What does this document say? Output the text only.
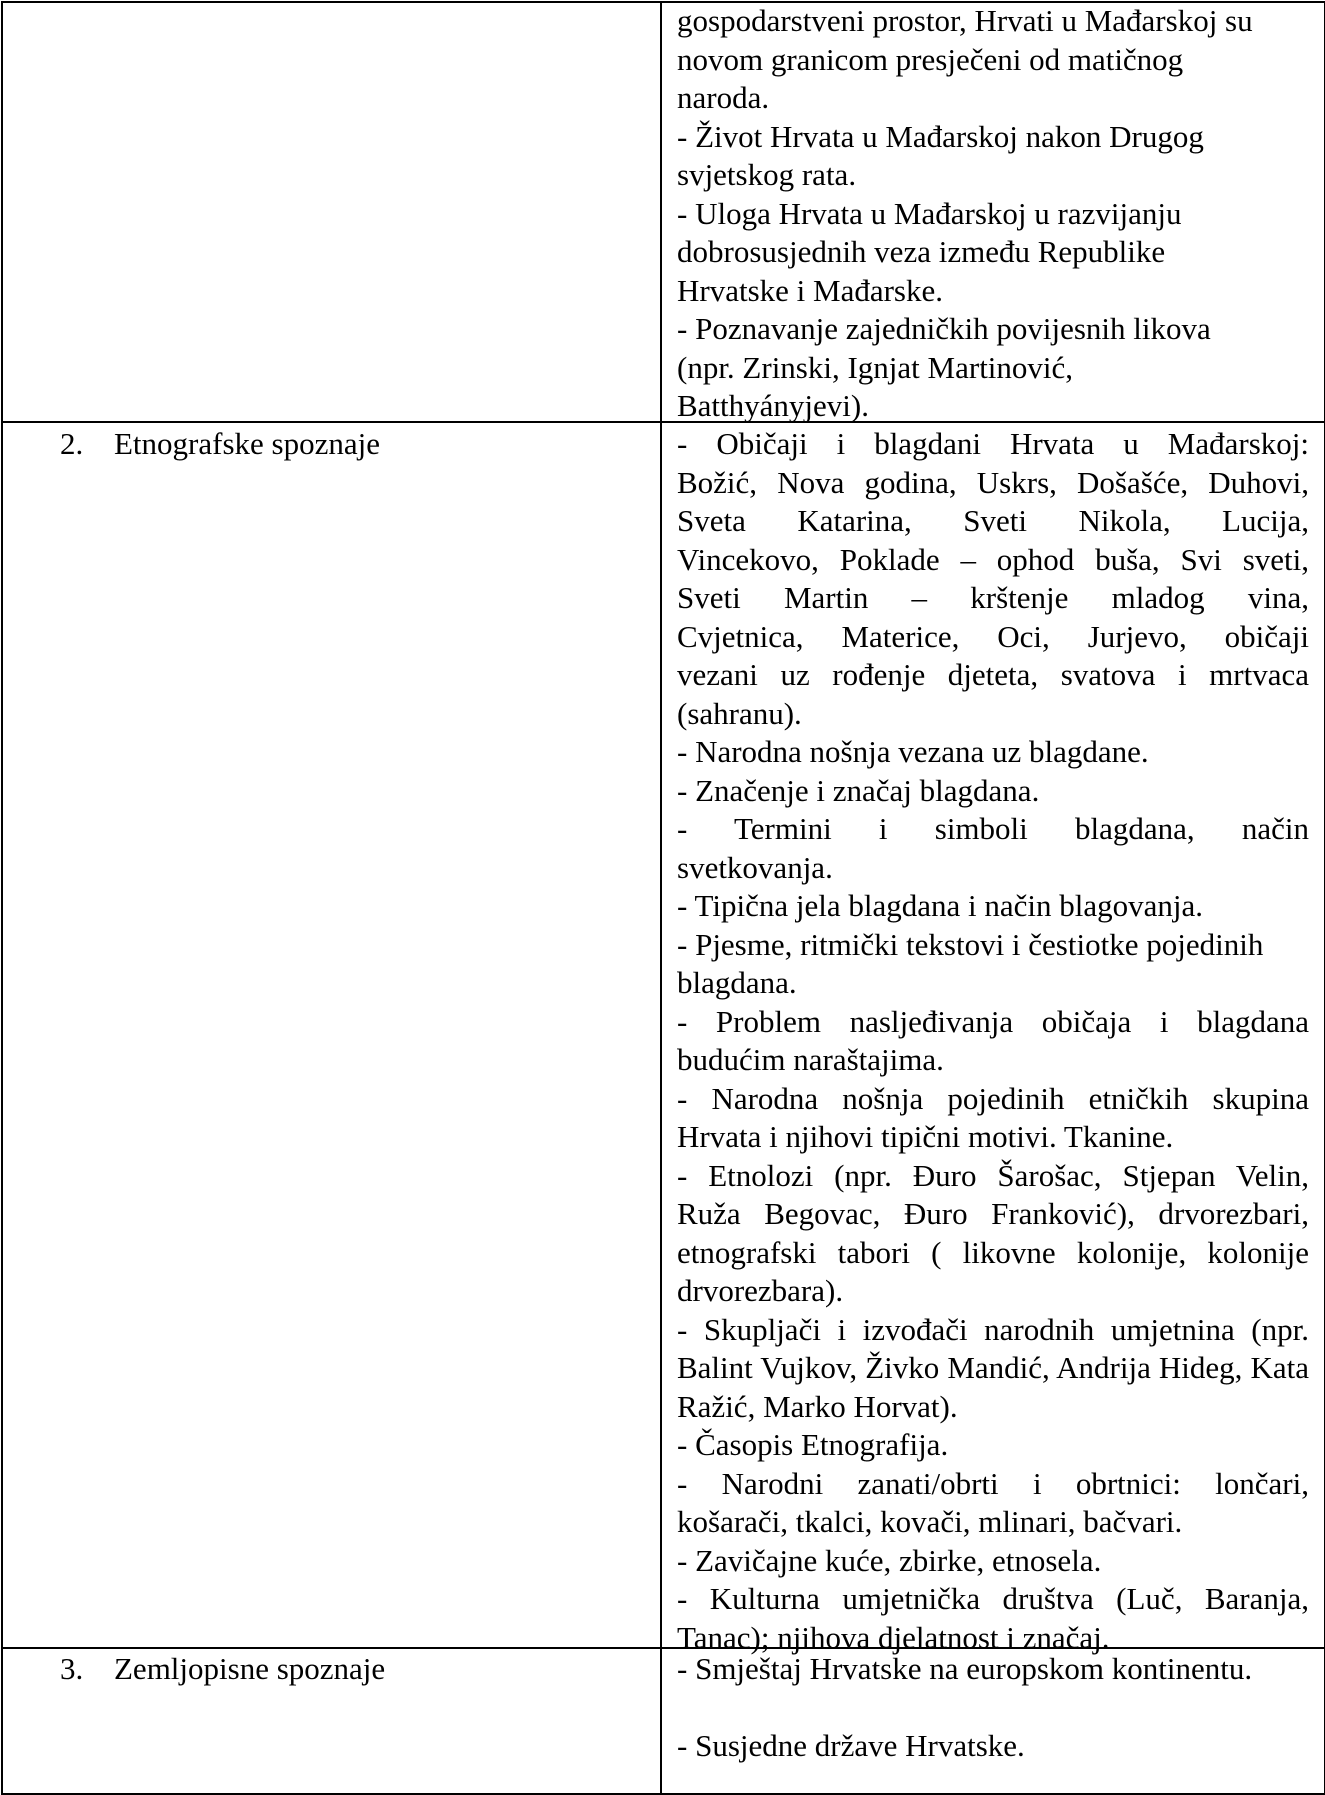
gospodarstveni prostor, Hrvati u Mađarskoj su
novom granicom presječeni od matičnog
naroda.
- Život Hrvata u Mađarskoj nakon Drugog
svjetskog rata.
- Uloga Hrvata u Mađarskoj u razvijanju
dobrosusjednih veza između Republike
Hrvatske i Mađarske.
- Poznavanje zajedničkih povijesnih likova
(npr. Zrinski, Ignjat Martinović,
Batthyányjevi).
2. Etnografske spoznaje	- Običaji i blagdani Hrvata u Mađarskoj:
Božić, Nova godina, Uskrs, Došašće, Duhovi,
Sveta Katarina, Sveti Nikola, Lucija,
Vincekovo, Poklade – ophod buša, Svi sveti,
Sveti Martin – krštenje mladog vina,
Cvjetnica, Materice, Oci, Jurjevo, običaji
vezani uz rođenje djeteta, svatova i mrtvaca
(sahranu).
- Narodna nošnja vezana uz blagdane.
- Značenje i značaj blagdana.
- Termini i simboli blagdana, način
svetkovanja.
- Tipična jela blagdana i način blagovanja.
- Pjesme, ritmički tekstovi i čestiotke pojedinih
blagdana.
- Problem nasljeđivanja običaja i blagdana
budućim naraštajima.
- Narodna nošnja pojedinih etničkih skupina
Hrvata i njihovi tipični motivi. Tkanine.
- Etnolozi (npr. Đuro Šarošac, Stjepan Velin,
Ruža Begovac, Đuro Franković), drvorezbari,
etnografski tabori ( likovne kolonije, kolonije
drvorezbara).
- Skupljači i izvođači narodnih umjetnina (npr.
Balint Vujkov, Živko Mandić, Andrija Hideg, Kata
Ražić, Marko Horvat).
- Časopis Etnografija.
- Narodni zanati/obrti i obrtnici: lončari,
košarači, tkalci, kovači, mlinari, bačvari.
- Zavičajne kuće, zbirke, etnosela.
- Kulturna umjetnička društva (Luč, Baranja,
Tanac); njihova djelatnost i značaj.
3. Zemljopisne spoznaje	- Smještaj Hrvatske na europskom kontinentu.
- Susjedne države Hrvatske.
